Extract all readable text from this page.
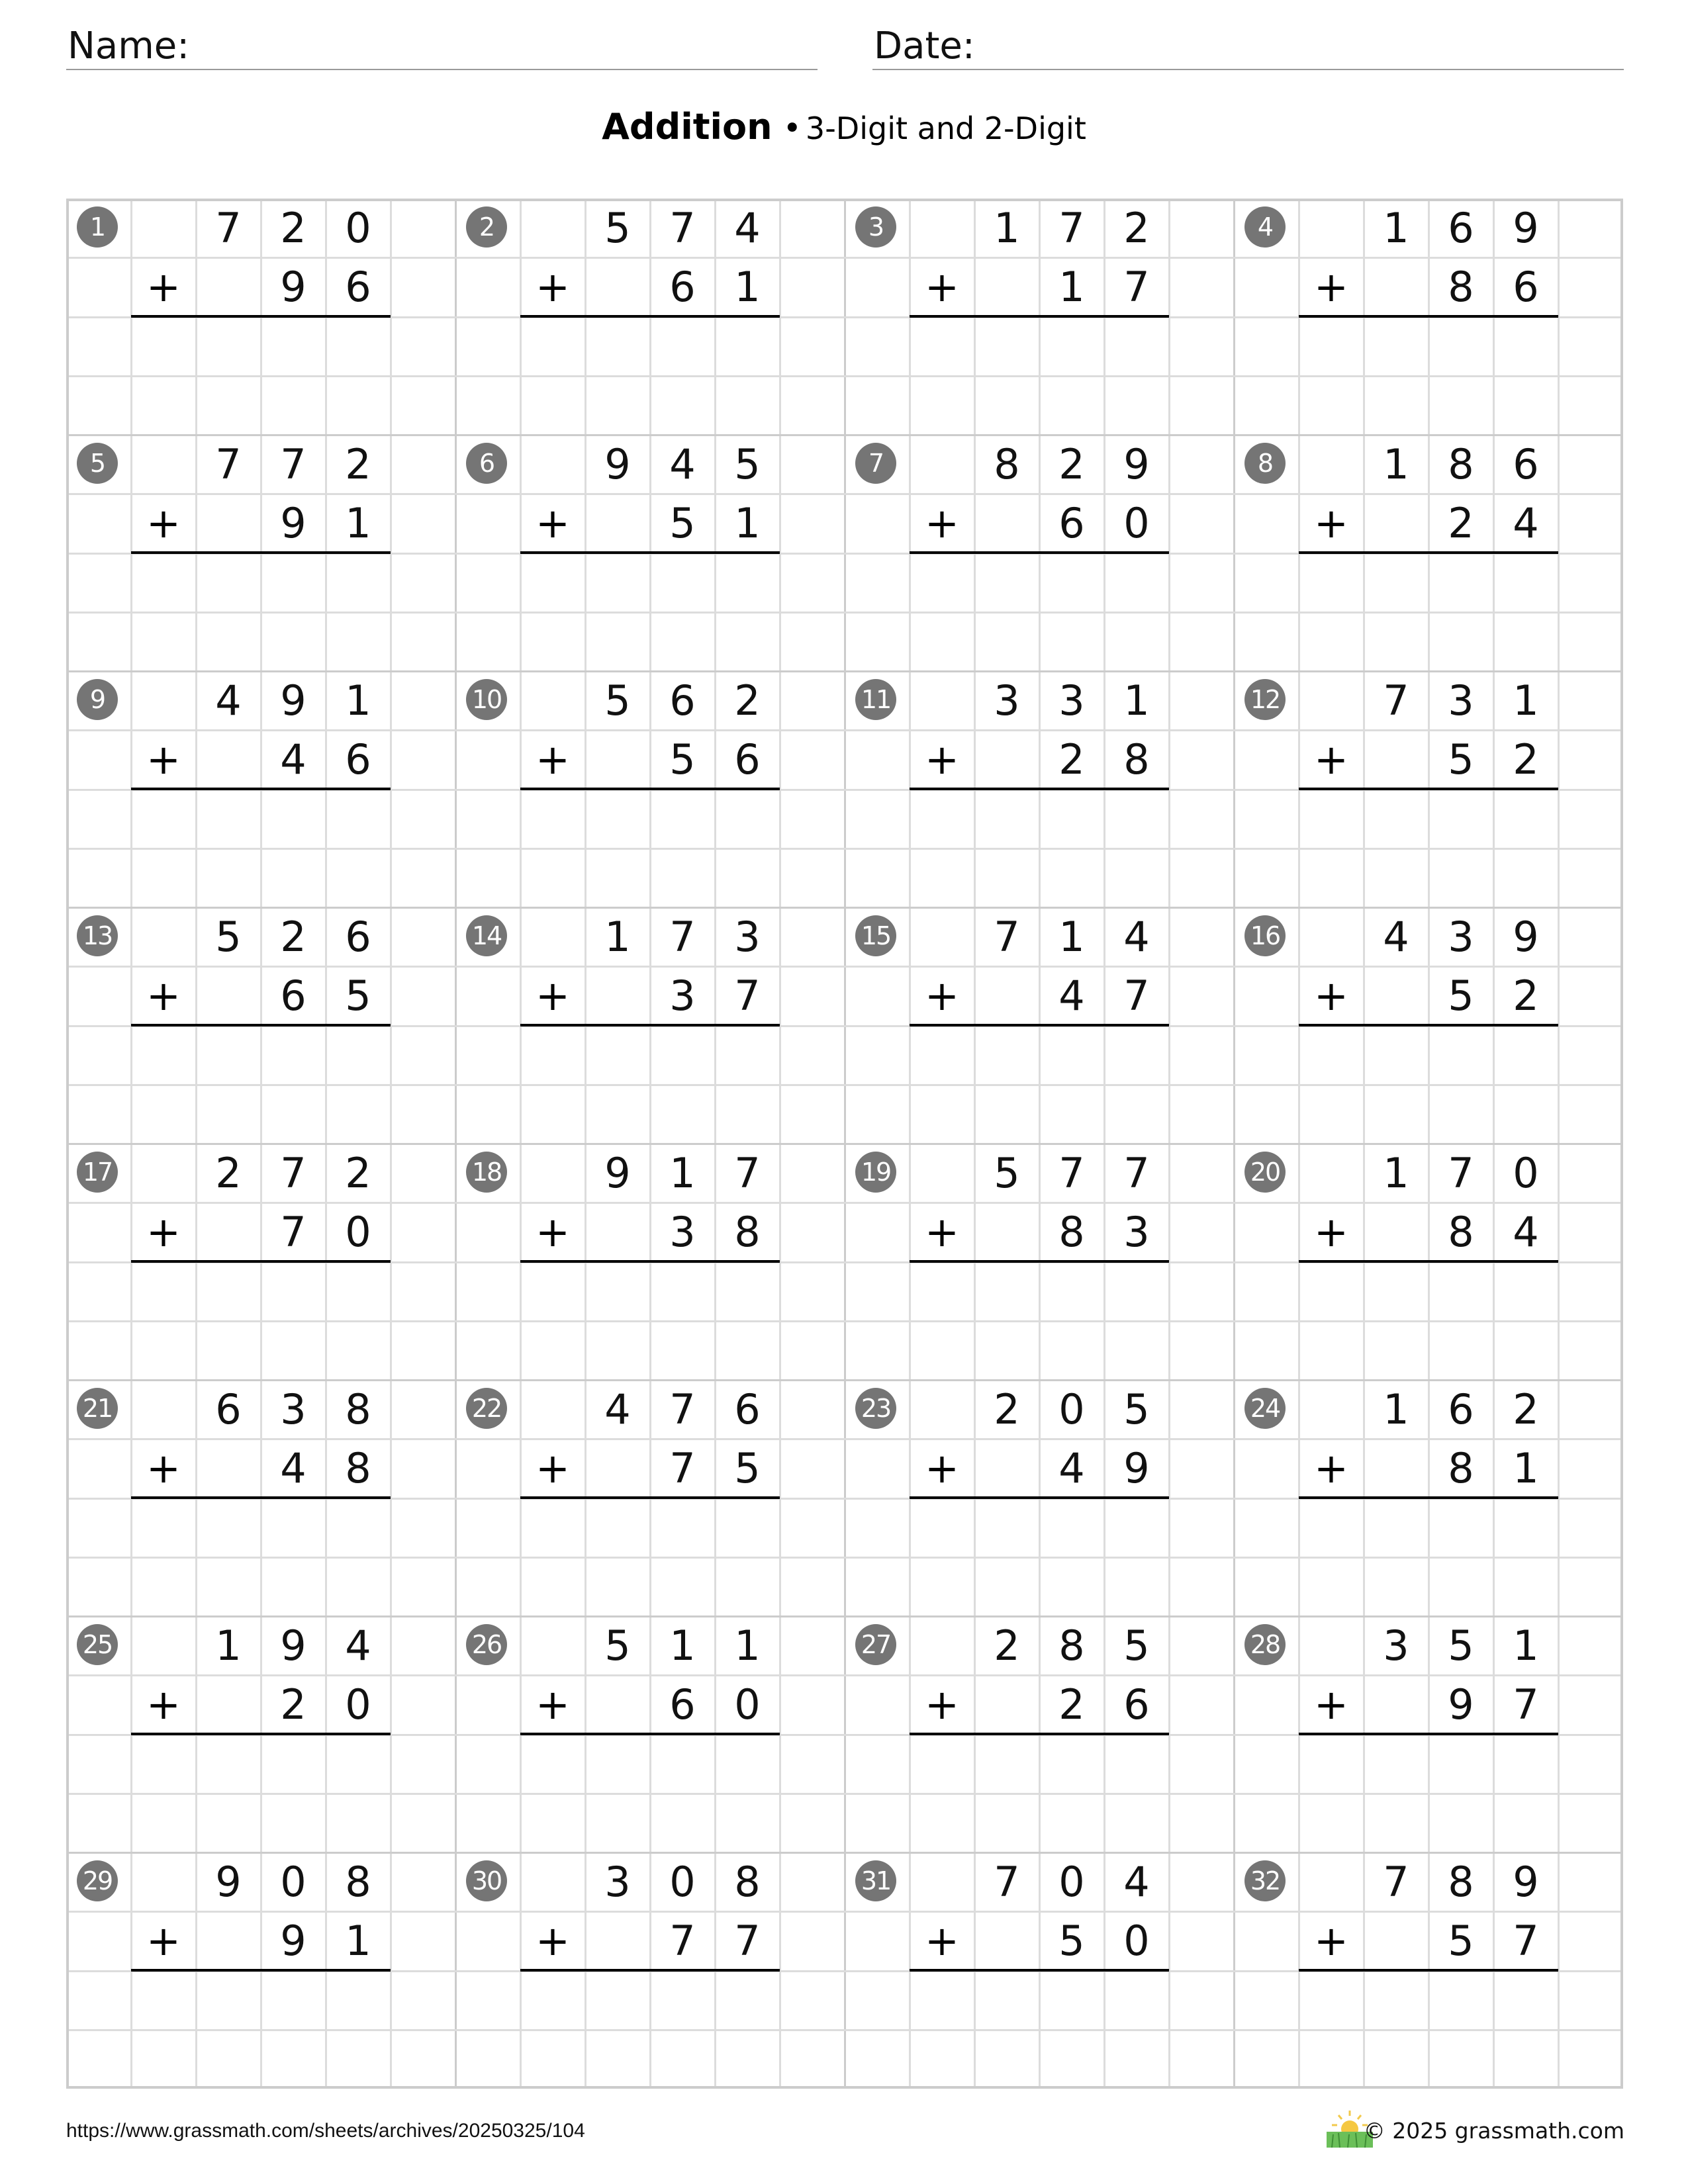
Name:	Date:
Addition • 3-Digit and 2-Digit
1	7 2 0
+	9 6
2	5 7 4
+	6 1
3	1 7 2
+	1 7
4	1 6 9
+	8 6
5	7 7 2
+	9 1
6	9 4 5
+	5 1
7	8 2 9
+	6 0
8	1 8 6
+	2 4
9	4 9 1
+	4 6
10	5 6 2
+	5 6
11	3 3 1
+	2 8
12	7 3 1
+	5 2
13	5 2 6
+	6 5
14	1 7 3
+	3 7
15	7 1 4
+	4 7
16	4 3 9
+	5 2
17	2 7 2
+	7 0
18	9 1 7
+	3 8
19	5 7 7
+	8 3
20	1 7 0
+	8 4
21	6 3 8
+	4 8
22	4 7 6
+	7 5
23	2 0 5
+	4 9
24	1 6 2
+	8 1
25	1 9 4
+	2 0
26	5 1 1
+	6 0
27	2 8 5
+	2 6
28	3 5 1
+	9 7
29	9 0 8
+	9 1
30	3 0 8
+	7 7
31	7 0 4
+	5 0
32	7 8 9
+	5 7
https://www.grassmath.com/sheets/archives/20250325/104	© 2025 grassmath.com
